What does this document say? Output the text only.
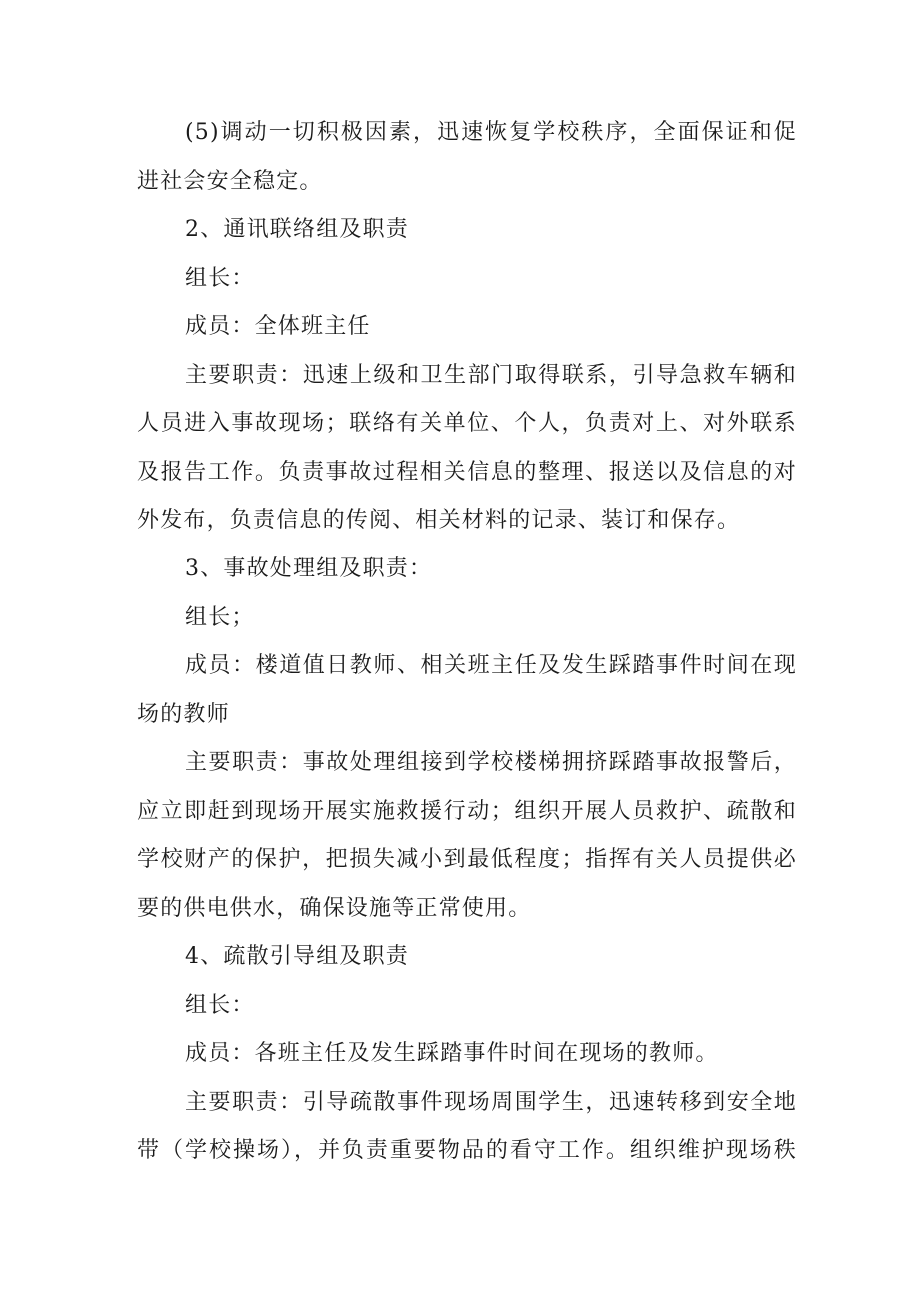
(5)调动一切积极因素，迅速恢复学校秩序，全面保证和促

进社会安全稳定。

2、通讯联络组及职责

组长：

成员：全体班主任

主要职责：迅速上级和卫生部门取得联系，引导急救车辆和

人员进入事故现场；联络有关单位、个人，负责对上、对外联系

及报告工作。负责事故过程相关信息的整理、报送以及信息的对

外发布，负责信息的传阅、相关材料的记录、装订和保存。

3、事故处理组及职责：

组长；

成员：楼道值日教师、相关班主任及发生踩踏事件时间在现

场的教师

主要职责：事故处理组接到学校楼梯拥挤踩踏事故报警后，

应立即赶到现场开展实施救援行动；组织开展人员救护、疏散和

学校财产的保护，把损失减小到最低程度；指挥有关人员提供必

要的供电供水，确保设施等正常使用。

4、疏散引导组及职责

组长：

成员：各班主任及发生踩踏事件时间在现场的教师。

主要职责：引导疏散事件现场周围学生，迅速转移到安全地

带（学校操场），并负责重要物品的看守工作。组织维护现场秩
